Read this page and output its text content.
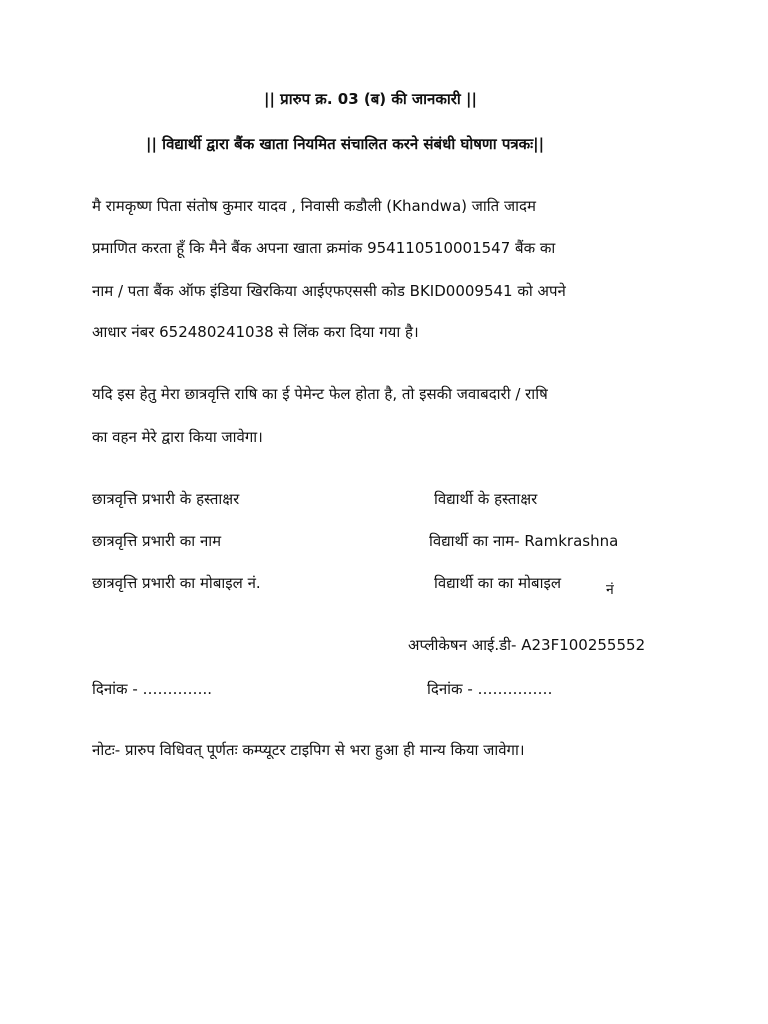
|| प्रारुप क्र. 03 (ब) की जानकारी ||
|| विद्यार्थी द्वारा बैंक खाता नियमित संचालित करने संबंधी घोषणा पत्रकः||
मै रामकृष्ण पिता संतोष कुमार यादव , निवासी कडौली (Khandwa) जाति जादम
प्रमाणित करता हूँ कि मैने बैंक अपना खाता क्रमांक 954110510001547 बैंक का
नाम / पता बैंक ऑफ इंडिया खिरकिया आईएफएससी कोड BKID0009541 को अपने
आधार नंबर 652480241038 से लिंक करा दिया गया है।
यदि इस हेतु मेरा छात्रवृत्ति राषि का ई पेमेन्ट फेल होता है, तो इसकी जवाबदारी / राषि
का वहन मेरे द्वारा किया जावेगा।
छात्रवृत्ति प्रभारी के हस्ताक्षर	विद्यार्थी के हस्ताक्षर
छात्रवृत्ति प्रभारी का नाम	विद्यार्थी का नाम- Ramkrashna
छात्रवृत्ति प्रभारी का मोबाइल नं.	विद्यार्थी का का मोबाइल	नं
अप्लीकेषन आई.डी- A23F100255552
दिनांक - …………..	दिनांक - ……………
नोटः- प्रारुप विधिवत् पूर्णतः कम्प्यूटर टाइपिग से भरा हुआ ही मान्य किया जावेगा।
